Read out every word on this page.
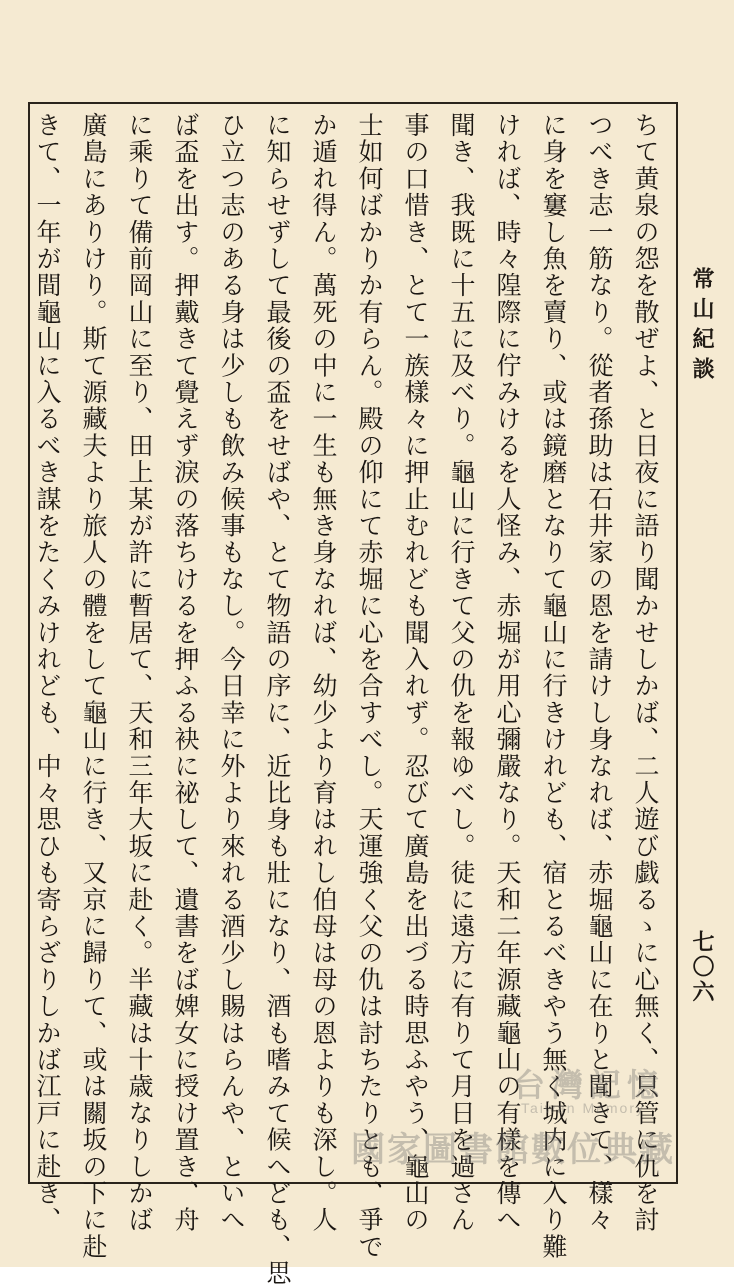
常山紀談
七〇六
ちて黄泉の怨を散ぜよ、と日夜に語り聞かせしかば、二人遊び戯るゝに心無く、只管に仇を討
つべき志一筋なり。從者孫助は石井家の恩を請けし身なれば、赤堀龜山に在りと聞きて、樣々
に身を窶し魚を賣り、或は鏡磨となりて龜山に行きけれども、宿とるべきやう無く城内に入り難
ければ、時々隍際に佇みけるを人怪み、赤堀が用心彌嚴なり。天和二年源藏龜山の有樣を傳へ
聞き、我既に十五に及べり。龜山に行きて父の仇を報ゆべし。徒に遠方に有りて月日を過さん
事の口惜き、とて一族樣々に押止むれども聞入れず。忍びて廣島を出づる時思ふやう、龜山の
士如何ばかりか有らん。殿の仰にて赤堀に心を合すべし。天運強く父の仇は討ちたりとも、爭で
か遁れ得ん。萬死の中に一生も無き身なれば、幼少より育はれし伯母は母の恩よりも深し。人
に知らせずして最後の盃をせばや、とて物語の序に、近比身も壯になり、酒も嗜みて候へども、思
ひ立つ志のある身は少しも飲み候事もなし。今日幸に外より來れる酒少し賜はらんや、といへ
ば盃を出す。押戴きて覺えず淚の落ちけるを押ふる袂に祕して、遺書をば婢女に授け置き、舟
に乘りて備前岡山に至り、田上某が許に暫居て、天和三年大坂に赴く。半藏は十歳なりしかば
廣島にありけり。斯て源藏夫より旅人の體をして龜山に行き、又京に歸りて、或は關坂の下に赴
きて、一年が間龜山に入るべき謀をたくみけれども、中々思ひも寄らざりしかば江戸に赴き、	台灣記憶
Taiwan Memory
國家圖書館數位典藏
